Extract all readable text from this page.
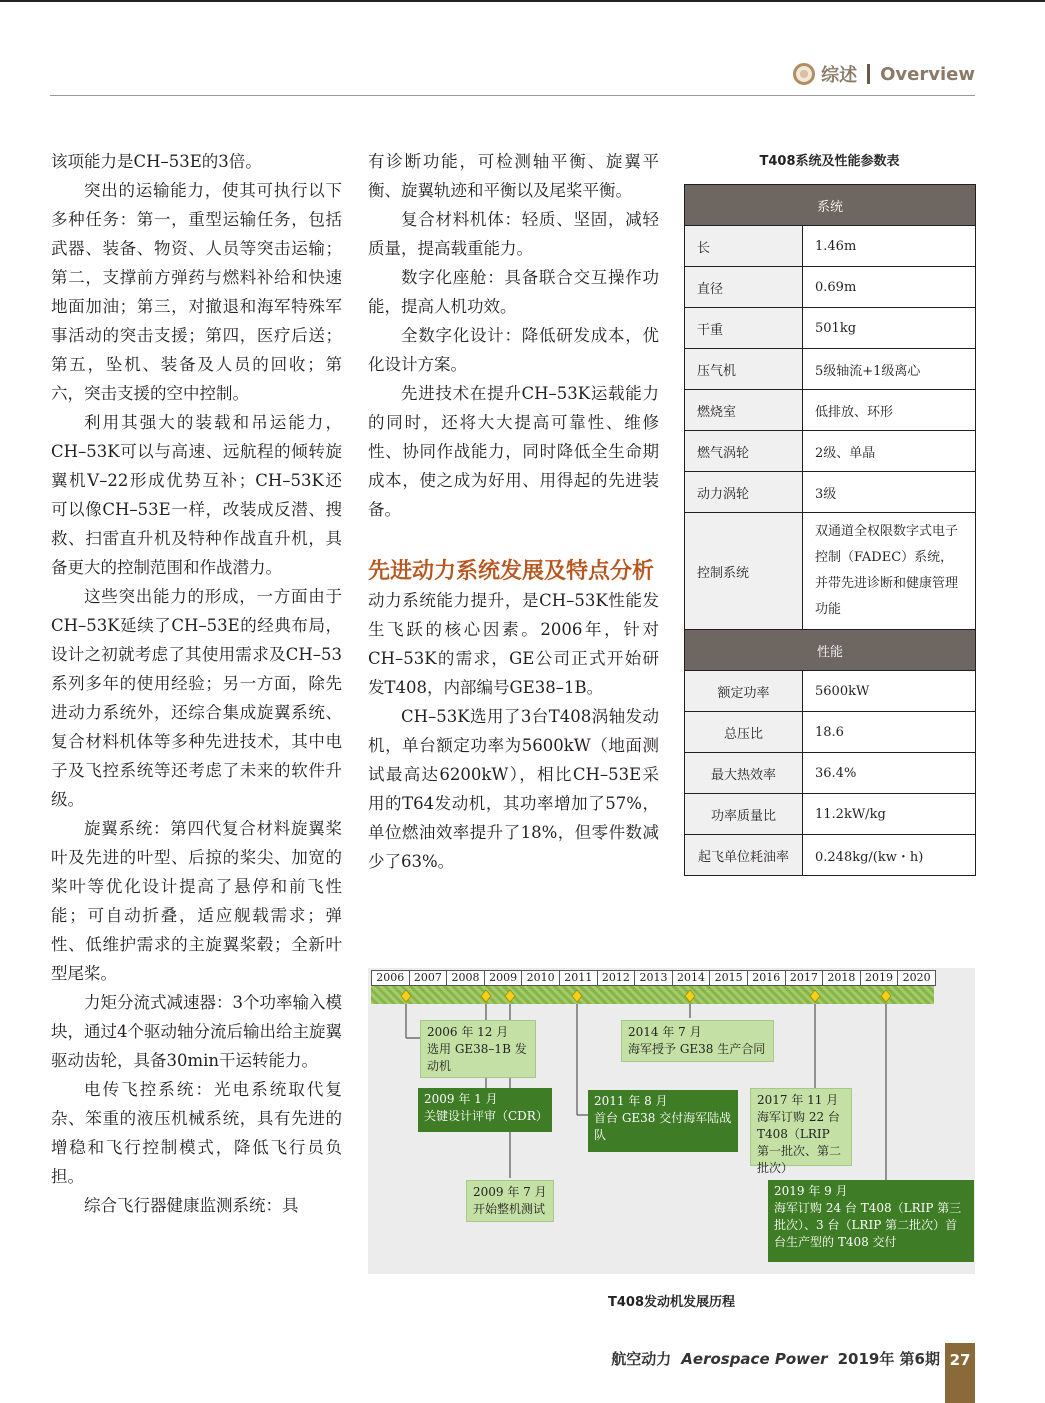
综述 Overview

该项能力是CH–53E的3倍。

突出的运输能力，使其可执行以下多种任务：第一，重型运输任务，包括武器、装备、物资、人员等突击运输；第二，支撑前方弹药与燃料补给和快速地面加油；第三，对撤退和海军特殊军事活动的突击支援；第四，医疗后送；第五，坠机、装备及人员的回收；第六，突击支援的空中控制。

利用其强大的装载和吊运能力，CH–53K可以与高速、远航程的倾转旋翼机V–22形成优势互补；CH–53K还可以像CH–53E一样，改装成反潜、搜救、扫雷直升机及特种作战直升机，具备更大的控制范围和作战潜力。

这些突出能力的形成，一方面由于CH–53K延续了CH–53E的经典布局，设计之初就考虑了其使用需求及CH–53系列多年的使用经验；另一方面，除先进动力系统外，还综合集成旋翼系统、复合材料机体等多种先进技术，其中电子及飞控系统等还考虑了未来的软件升级。

旋翼系统：第四代复合材料旋翼桨叶及先进的叶型、后掠的桨尖、加宽的桨叶等优化设计提高了悬停和前飞性能；可自动折叠，适应舰载需求；弹性、低维护需求的主旋翼桨毂；全新叶型尾桨。

力矩分流式减速器：3个功率输入模块，通过4个驱动轴分流后输出给主旋翼驱动齿轮，具备30min干运转能力。

电传飞控系统：光电系统取代复杂、笨重的液压机械系统，具有先进的增稳和飞行控制模式，降低飞行员负担。

综合飞行器健康监测系统：具

有诊断功能，可检测轴平衡、旋翼平衡、旋翼轨迹和平衡以及尾桨平衡。

复合材料机体：轻质、坚固，减轻质量，提高载重能力。

数字化座舱：具备联合交互操作功能，提高人机功效。

全数字化设计：降低研发成本，优化设计方案。

先进技术在提升CH–53K运载能力的同时，还将大大提高可靠性、维修性、协同作战能力，同时降低全生命期成本，使之成为好用、用得起的先进装备。

先进动力系统发展及特点分析

动力系统能力提升，是CH–53K性能发生飞跃的核心因素。2006年，针对CH–53K的需求，GE公司正式开始研发T408，内部编号GE38–1B。

CH–53K选用了3台T408涡轴发动机，单台额定功率为5600kW（地面测试最高达6200kW），相比CH–53E采用的T64发动机，其功率增加了57%，单位燃油效率提升了18%，但零件数减少了63%。

T408系统及性能参数表
系统	
长	1.46m
直径	0.69m
干重	501kg
压气机	5级轴流+1级离心
燃烧室	低排放、环形
燃气涡轮	2级、单晶
动力涡轮	3级
控制系统	双通道全权限数字式电子控制（FADEC）系统，并带先进诊断和健康管理功能
性能	
额定功率	5600kW
总压比	18.6
最大热效率	36.4%
功率质量比	11.2kW/kg
起飞单位耗油率	0.248kg/(kw・h)
2006 2007 2008 2009 2010 2011 2012 2013 2014 2015 2016 2017 2018 2019 2020
2006 年 12 月
选用 GE38–1B 发动机
2009 年 1 月
关键设计评审（CDR）
2009 年 7 月
开始整机测试
2011 年 8 月
首台 GE38 交付海军陆战队
2014 年 7 月
海军授予 GE38 生产合同
2017 年 11 月
海军订购 22 台 T408（LRIP 第一批次、第二批次）
2019 年 9 月
海军订购 24 台 T408（LRIP 第三批次）、3 台（LRIP 第二批次）首台生产型的 T408 交付
T408发动机发展历程
航空动力 Aerospace Power 2019年 第6期 27
